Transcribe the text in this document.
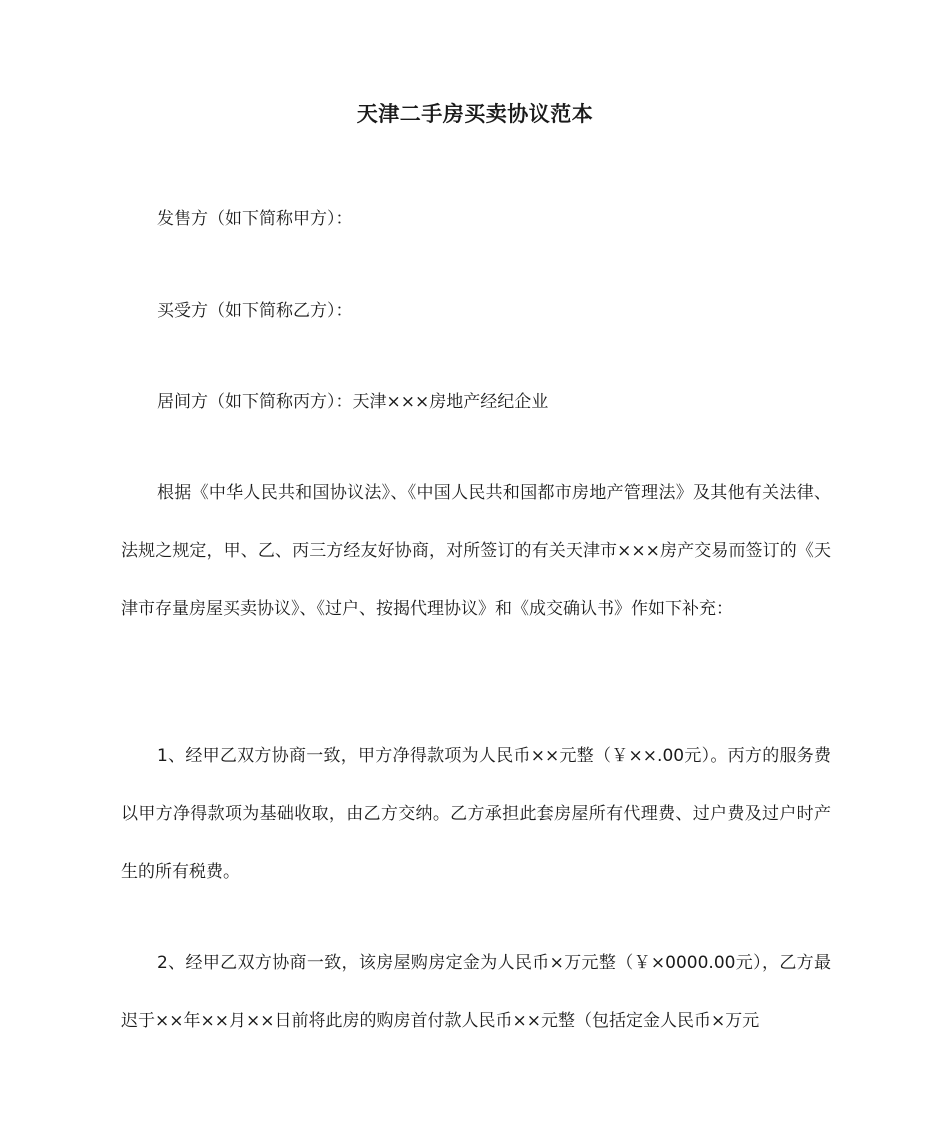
天津二手房买卖协议范本

发售方（如下简称甲方）：

买受方（如下简称乙方）：

居间方（如下简称丙方）：天津×××房地产经纪企业

根据《中华人民共和国协议法》、《中国人民共和国都市房地产管理法》及其他有关法律、法规之规定，甲、乙、丙三方经友好协商，对所签订的有关天津市×××房产交易而签订的《天津市存量房屋买卖协议》、《过户、按揭代理协议》和《成交确认书》作如下补充：

1、经甲乙双方协商一致，甲方净得款项为人民币××元整（￥××.00元）。丙方的服务费以甲方净得款项为基础收取，由乙方交纳。乙方承担此套房屋所有代理费、过户费及过户时产生的所有税费。

2、经甲乙双方协商一致，该房屋购房定金为人民币×万元整（￥×0000.00元），乙方最迟于××年××月××日前将此房的购房首付款人民币××元整（包括定金人民币×万元
